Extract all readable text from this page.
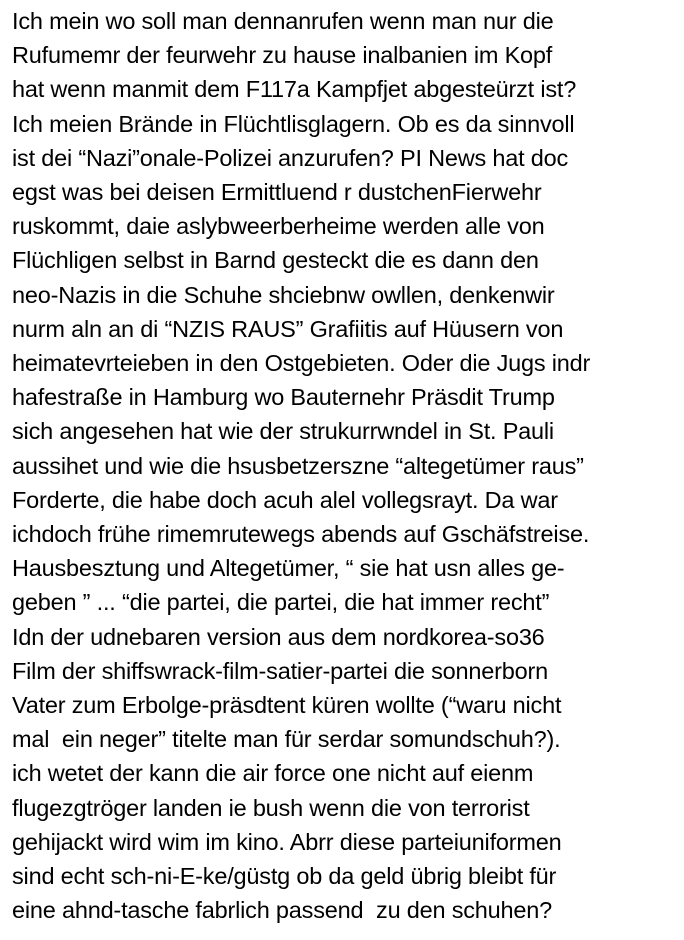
Ich mein wo soll man dennanrufen wenn man nur die
Rufumemr der feurwehr zu hause inalbanien im Kopf
hat wenn manmit dem F117a Kampfjet abgesteürzt ist?
Ich meien Brände in Flüchtlisglagern. Ob es da sinnvoll
ist dei “Nazi”onale-Polizei anzurufen? PI News hat doc
egst was bei deisen Ermittluend r dustchenFierwehr
ruskommt, daie aslybweerberheime werden alle von
Flüchligen selbst in Barnd gesteckt die es dann den
neo-Nazis in die Schuhe shciebnw owllen, denkenwir
nurm aln an di “NZIS RAUS” Grafiitis auf Hüusern von
heimatevrteieben in den Ostgebieten. Oder die Jugs indr
hafestraße in Hamburg wo Bauternehr Präsdit Trump
sich angesehen hat wie der strukurrwndel in St. Pauli
aussihet und wie die hsusbetzerszne “altegetümer raus”
Forderte, die habe doch acuh alel vollegsrayt. Da war
ichdoch frühe rimemrutewegs abends auf Gschäfstreise.
Hausbesztung und Altegetümer, “ sie hat usn alles ge-
geben ” ... “die partei, die partei, die hat immer recht”
Idn der udnebaren version aus dem nordkorea-so36
Film der shiffswrack-film-satier-partei die sonnerborn
Vater zum Erbolge-präsdtent küren wollte (“waru nicht
mal  ein neger” titelte man für serdar somundschuh?).
ich wetet der kann die air force one nicht auf eienm
flugezgtröger landen ie bush wenn die von terrorist
gehijackt wird wim im kino. Abrr diese parteiuniformen
sind echt sch-ni-E-ke/güstg ob da geld übrig bleibt für
eine ahnd-tasche fabrlich passend  zu den schuhen?
